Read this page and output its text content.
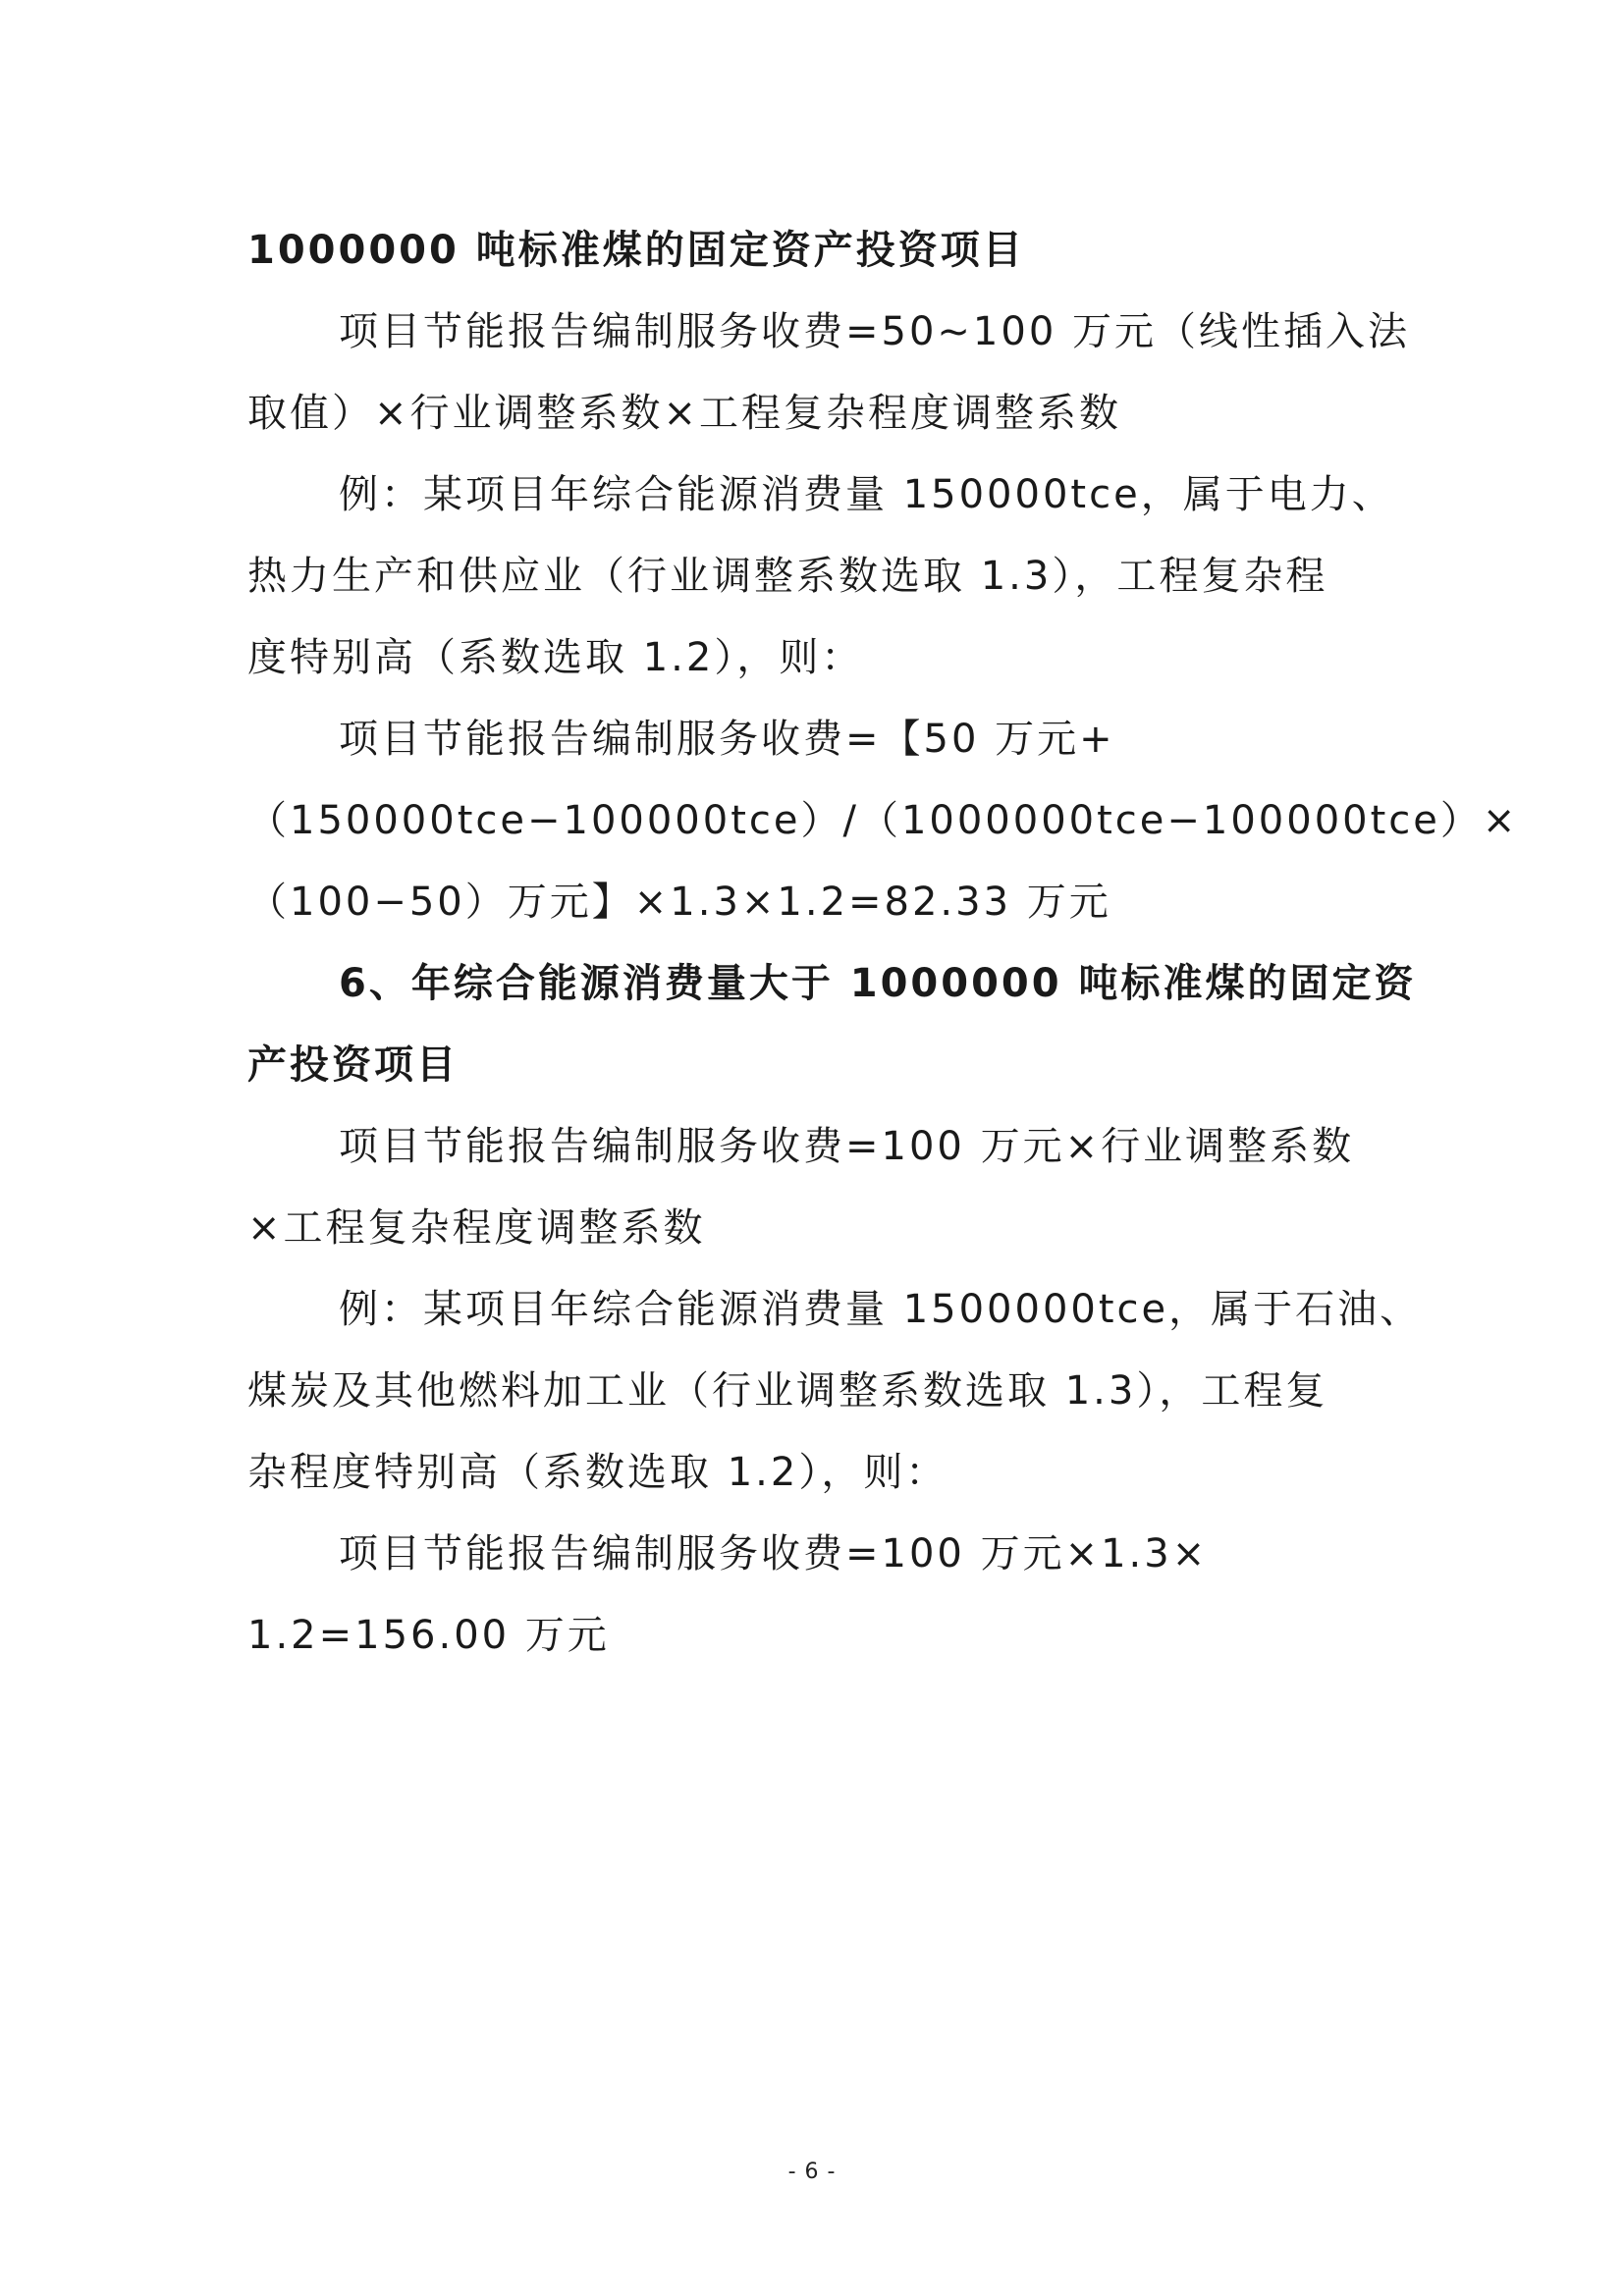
1000000 吨标准煤的固定资产投资项目
项目节能报告编制服务收费=50~100 万元（线性插入法
取值）×行业调整系数×工程复杂程度调整系数
例：某项目年综合能源消费量 150000tce，属于电力、
热力生产和供应业（行业调整系数选取 1.3），工程复杂程
度特别高（系数选取 1.2），则：
项目节能报告编制服务收费=【50 万元+
（150000tce−100000tce）/（1000000tce−100000tce）×
（100−50）万元】×1.3×1.2=82.33 万元
6、年综合能源消费量大于 1000000 吨标准煤的固定资
产投资项目
项目节能报告编制服务收费=100 万元×行业调整系数
×工程复杂程度调整系数
例：某项目年综合能源消费量 1500000tce，属于石油、
煤炭及其他燃料加工业（行业调整系数选取 1.3），工程复
杂程度特别高（系数选取 1.2），则：
项目节能报告编制服务收费=100 万元×1.3×
1.2=156.00 万元
- 6 -
